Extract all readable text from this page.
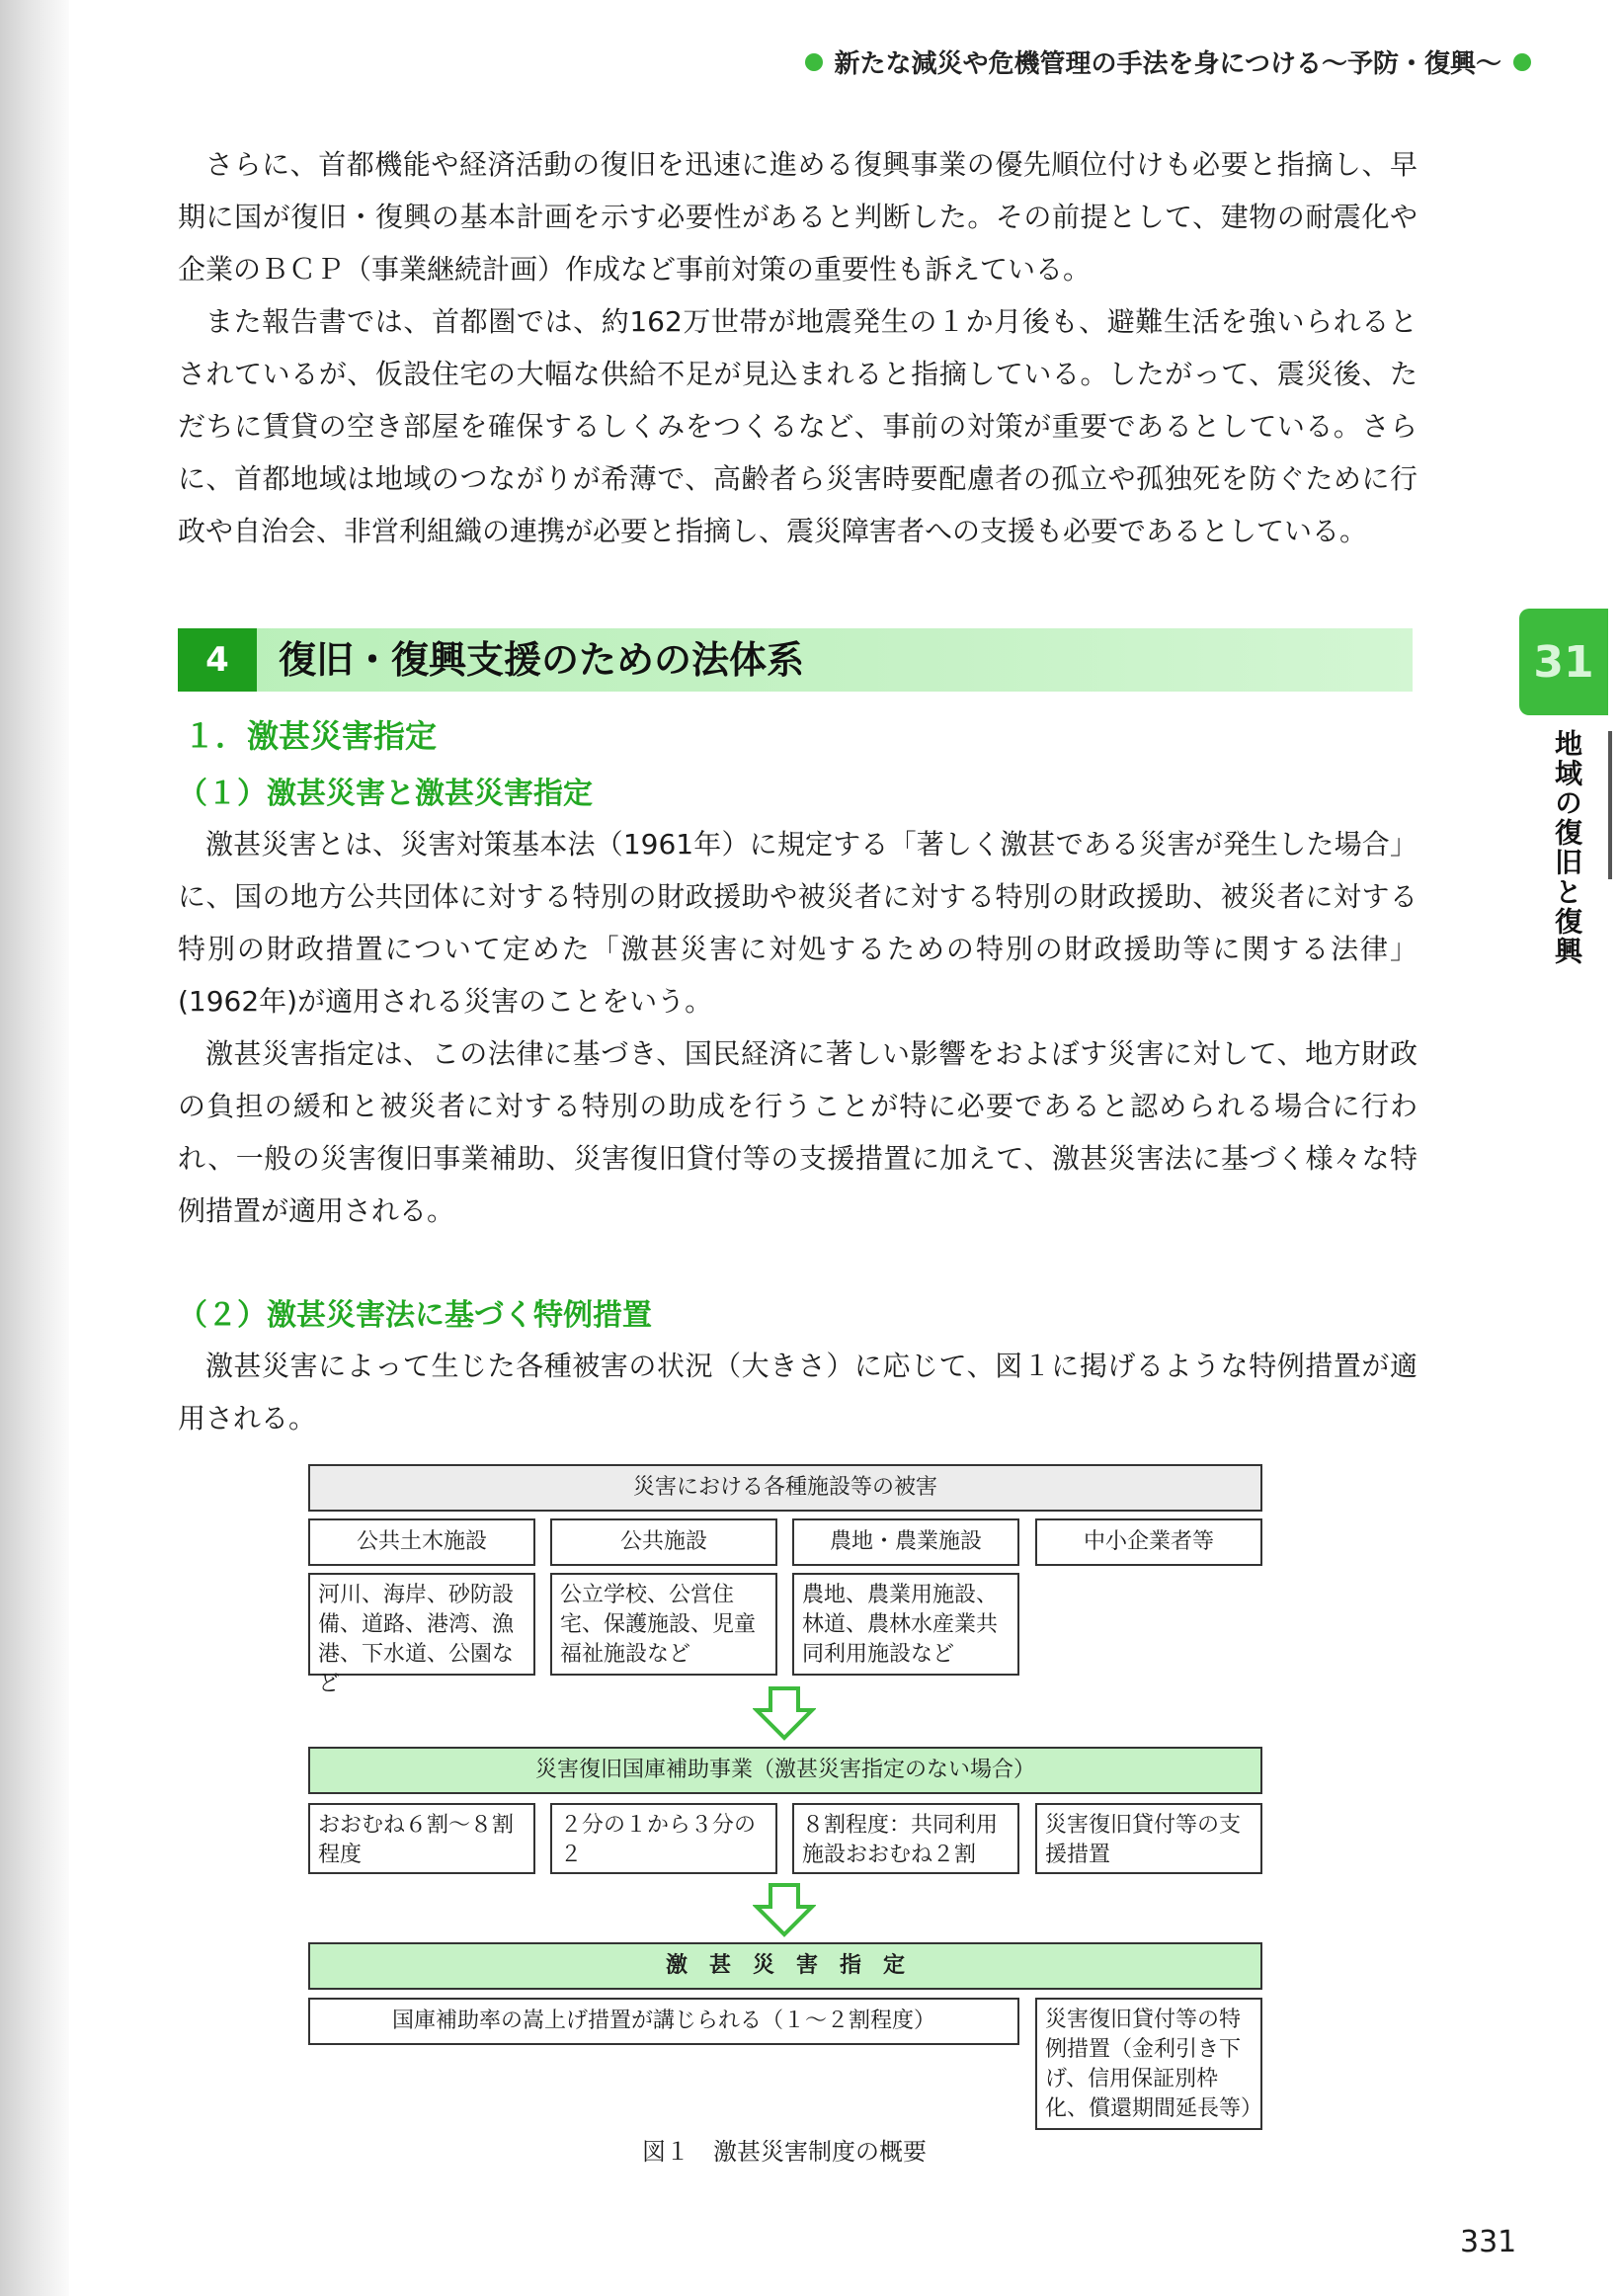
新たな減災や危機管理の手法を身につける〜予防・復興〜

さらに、首都機能や経済活動の復旧を迅速に進める復興事業の優先順位付けも必要と指摘し、早期に国が復旧・復興の基本計画を示す必要性があると判断した。その前提として、建物の耐震化や企業のＢＣＰ（事業継続計画）作成など事前対策の重要性も訴えている。

また報告書では、首都圏では、約162万世帯が地震発生の１か月後も、避難生活を強いられるとされているが、仮設住宅の大幅な供給不足が見込まれると指摘している。したがって、震災後、ただちに賃貸の空き部屋を確保するしくみをつくるなど、事前の対策が重要であるとしている。さらに、首都地域は地域のつながりが希薄で、高齢者ら災害時要配慮者の孤立や孤独死を防ぐために行政や自治会、非営利組織の連携が必要と指摘し、震災障害者への支援も必要であるとしている。

4	復旧・復興支援のための法体系
１．激甚災害指定
（１）激甚災害と激甚災害指定

激甚災害とは、災害対策基本法（1961年）に規定する「著しく激甚である災害が発生した場合」に、国の地方公共団体に対する特別の財政援助や被災者に対する特別の財政援助、被災者に対する特別の財政措置について定めた「激甚災害に対処するための特別の財政援助等に関する法律」(1962年)が適用される災害のことをいう。

激甚災害指定は、この法律に基づき、国民経済に著しい影響をおよぼす災害に対して、地方財政の負担の緩和と被災者に対する特別の助成を行うことが特に必要であると認められる場合に行われ、一般の災害復旧事業補助、災害復旧貸付等の支援措置に加えて、激甚災害法に基づく様々な特例措置が適用される。

（２）激甚災害法に基づく特例措置

激甚災害によって生じた各種被害の状況（大きさ）に応じて、図１に掲げるような特例措置が適用される。

31
地域の復旧と復興
災害における各種施設等の被害
公共土木施設	公共施設	農地・農業施設	中小企業者等
河川、海岸、砂防設備、道路、港湾、漁港、下水道、公園など
公立学校、公営住宅、保護施設、児童福祉施設など
農地、農業用施設、林道、農林水産業共同利用施設など
災害復旧国庫補助事業（激甚災害指定のない場合）
おおむね６割〜８割程度
２分の１から３分の２
８割程度：共同利用施設おおむね２割
災害復旧貸付等の支援措置
激　甚　災　害　指　定
国庫補助率の嵩上げ措置が講じられる（１〜２割程度）	災害復旧貸付等の特例措置（金利引き下げ、信用保証別枠化、償還期間延長等）
図１　激甚災害制度の概要
331
